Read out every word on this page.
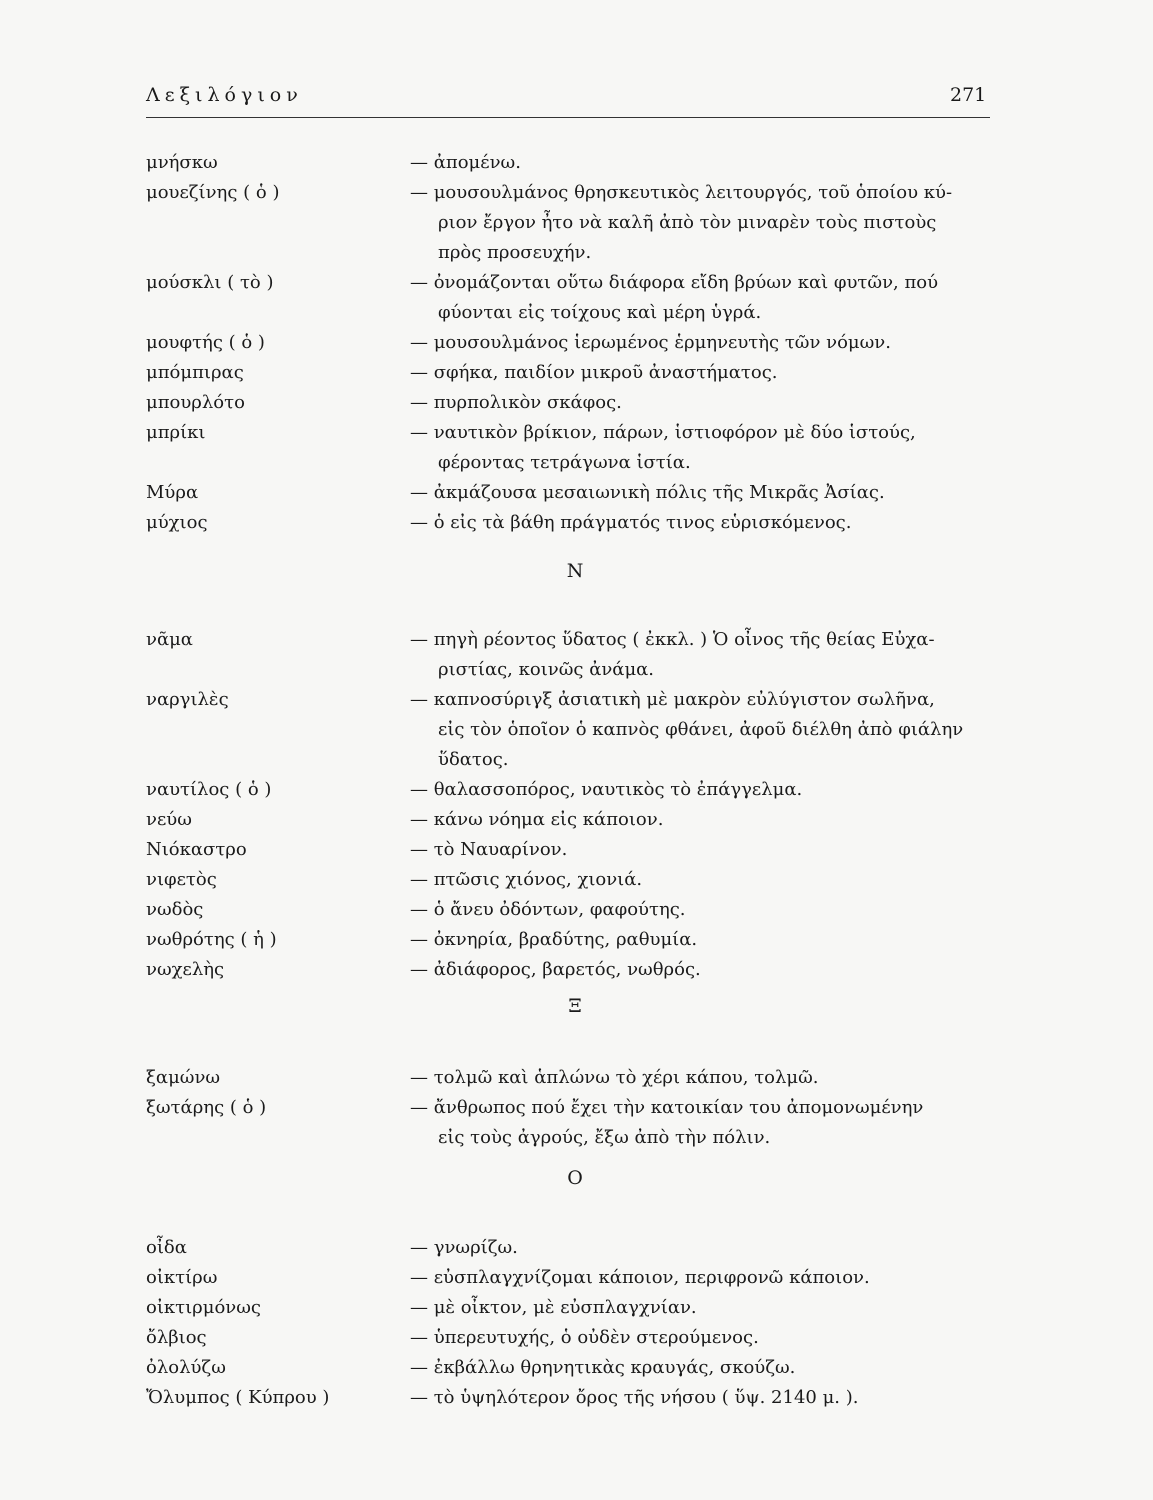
Λεξιλόγιον	271
μνήσκω	— ἀπομένω.
μουεζίνης ( ὁ )	— μουσουλμάνος θρησκευτικὸς λειτουργός, τοῦ ὁποίου κύ-
ριον ἔργον ἦτο νὰ καλῆ ἀπὸ τὸν μιναρὲν τοὺς πιστοὺς
πρὸς προσευχήν.
μούσκλι ( τὸ )	— ὀνομάζονται οὕτω διάφορα εἴδη βρύων καὶ φυτῶν, πού
φύονται εἰς τοίχους καὶ μέρη ὑγρά.
μουφτής ( ὁ )	— μουσουλμάνος ἱερωμένος ἑρμηνευτὴς τῶν νόμων.
μπόμπιρας	— σφήκα, παιδίον μικροῦ ἀναστήματος.
μπουρλότο	— πυρπολικὸν σκάφος.
μπρίκι	— ναυτικὸν βρίκιον, πάρων, ἱστιοφόρον μὲ δύο ἱστούς,
φέροντας τετράγωνα ἱστία.
Μύρα	— ἀκμάζουσα μεσαιωνικὴ πόλις τῆς Μικρᾶς Ἀσίας.
μύχιος	— ὁ εἰς τὰ βάθη πράγματός τινος εὑρισκόμενος.
Ν
νᾶμα	— πηγὴ ρέοντος ὕδατος ( ἐκκλ. ) Ὁ οἶνος τῆς θείας Εὐχα-
ριστίας, κοινῶς ἀνάμα.
ναργιλὲς	— καπνοσύριγξ ἀσιατικὴ μὲ μακρὸν εὐλύγιστον σωλῆνα,
εἰς τὸν ὁποῖον ὁ καπνὸς φθάνει, ἀφοῦ διέλθη ἀπὸ φιάλην
ὕδατος.
ναυτίλος ( ὁ )	— θαλασσοπόρος, ναυτικὸς τὸ ἐπάγγελμα.
νεύω	— κάνω νόημα εἰς κάποιον.
Νιόκαστρο	— τὸ Ναυαρίνον.
νιφετὸς	— πτῶσις χιόνος, χιονιά.
νωδὸς	— ὁ ἄνευ ὀδόντων, φαφούτης.
νωθρότης ( ἡ )	— ὀκνηρία, βραδύτης, ραθυμία.
νωχελὴς	— ἀδιάφορος, βαρετός, νωθρός.
Ξ
ξαμώνω	— τολμῶ καὶ ἁπλώνω τὸ χέρι κάπου, τολμῶ.
ξωτάρης ( ὁ )	— ἄνθρωπος πού ἔχει τὴν κατοικίαν του ἀπομονωμένην
εἰς τοὺς ἀγρούς, ἔξω ἀπὸ τὴν πόλιν.
Ο
οἶδα	— γνωρίζω.
οἰκτίρω	— εὐσπλαγχνίζομαι κάποιον, περιφρονῶ κάποιον.
οἰκτιρμόνως	— μὲ οἶκτον, μὲ εὐσπλαγχνίαν.
ὄλβιος	— ὑπερευτυχής, ὁ οὐδὲν στερούμενος.
ὀλολύζω	— ἐκβάλλω θρηνητικὰς κραυγάς, σκούζω.
Ὄλυμπος ( Κύπρου )	— τὸ ὑψηλότερον ὄρος τῆς νήσου ( ὕψ. 2140 μ. ).
